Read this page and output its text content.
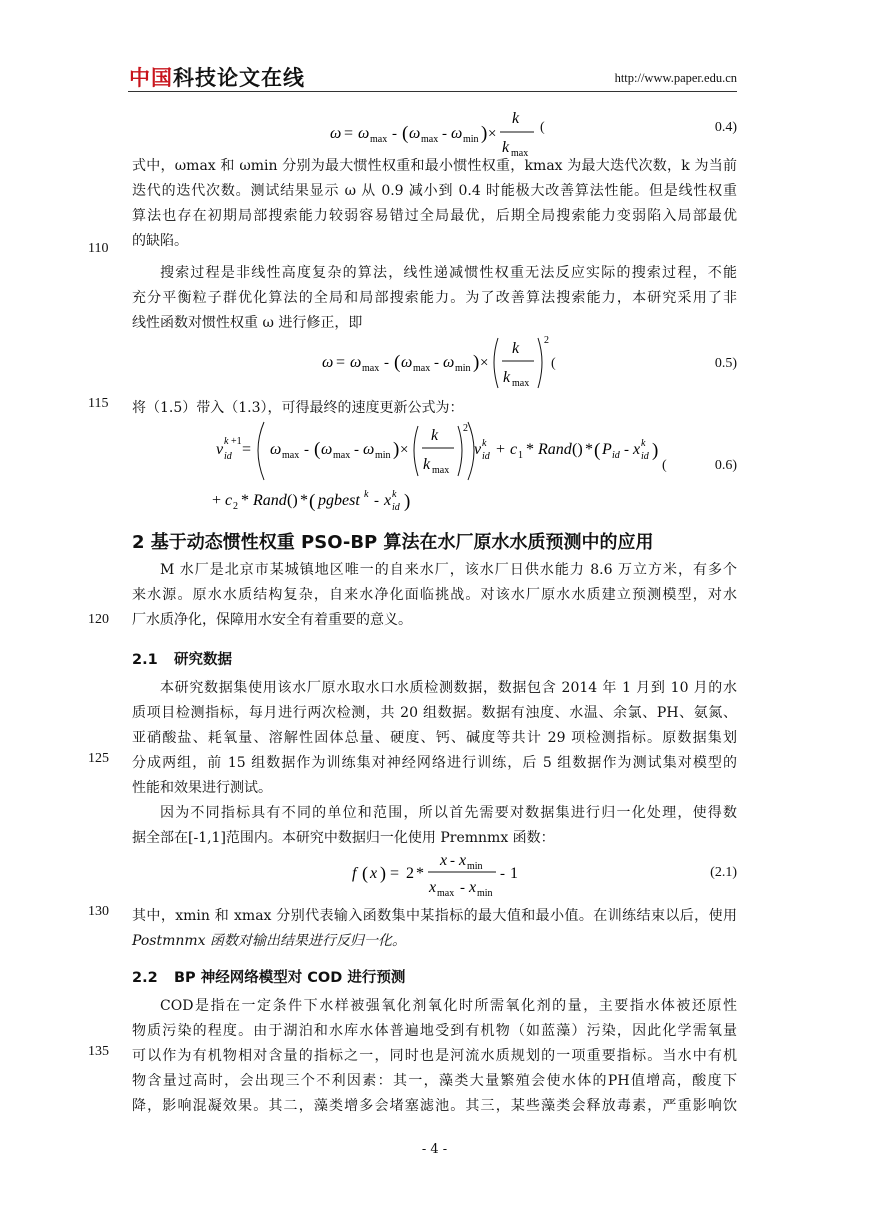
中国科技论文在线	http://www.paper.edu.cn
ω = ω max - ( ω max - ω min ) ×
k
k max
(	0.4)
式中，ωmax 和 ωmin 分别为最大惯性权重和最小惯性权重，kmax 为最大迭代次数，k 为当前
迭代的迭代次数。测试结果显示 ω 从 0.9 减小到 0.4 时能极大改善算法性能。但是线性权重
算法也存在初期局部搜索能力较弱容易错过全局最优，后期全局搜索能力变弱陷入局部最优
的缺陷。
110
搜索过程是非线性高度复杂的算法，线性递减惯性权重无法反应实际的搜索过程，不能
充分平衡粒子群优化算法的全局和局部搜索能力。为了改善算法搜索能力，本研究采用了非
线性函数对惯性权重 ω 进行修正，即
ω = ω max - ( ω max - ω min ) ×
k
k max
2
(	0.5)
115 将（1.5）带入（1.3），可得最终的速度更新公式为：
v k +1
id = ω max - ( ω max - ω min ) ×
k
k max
2
v k
id + c 1 * Rand () * ( P id - x k
id )
+ c 2 * Rand () * ( pgbest k - x k
id )
(	0.6)
2 基于动态惯性权重 PSO-BP 算法在水厂原水水质预测中的应用
M 水厂是北京市某城镇地区唯一的自来水厂，该水厂日供水能力 8.6 万立方米，有多个
来水源。原水水质结构复杂，自来水净化面临挑战。对该水厂原水水质建立预测模型，对水
厂水质净化，保障用水安全有着重要的意义。
120
2.1 研究数据
本研究数据集使用该水厂原水取水口水质检测数据，数据包含 2014 年 1 月到 10 月的水
质项目检测指标，每月进行两次检测，共 20 组数据。数据有浊度、水温、余氯、PH、氨氮、
亚硝酸盐、耗氧量、溶解性固体总量、硬度、钙、碱度等共计 29 项检测指标。原数据集划
分成两组，前 15 组数据作为训练集对神经网络进行训练，后 5 组数据作为测试集对模型的
性能和效果进行测试。
125
因为不同指标具有不同的单位和范围，所以首先需要对数据集进行归一化处理，使得数
据全部在[-1,1]范围内。本研究中数据归一化使用 Premnmx 函数：
f ( x ) = 2 *
x - x min
x max - x min
- 1	(2.1)
130 其中，xmin 和 xmax 分别代表输入函数集中某指标的最大值和最小值。在训练结束以后，使用
Postmnmx 函数对输出结果进行反归一化。
2.2 BP 神经网络模型对 COD 进行预测
COD是指在一定条件下水样被强氧化剂氧化时所需氧化剂的量，主要指水体被还原性
物质污染的程度。由于湖泊和水库水体普遍地受到有机物（如蓝藻）污染，因此化学需氧量
可以作为有机物相对含量的指标之一，同时也是河流水质规划的一项重要指标。当水中有机
物含量过高时，会出现三个不利因素：其一，藻类大量繁殖会使水体的PH值增高，酸度下
降，影响混凝效果。其二，藻类增多会堵塞滤池。其三，某些藻类会释放毒素，严重影响饮
135
- 4 -
